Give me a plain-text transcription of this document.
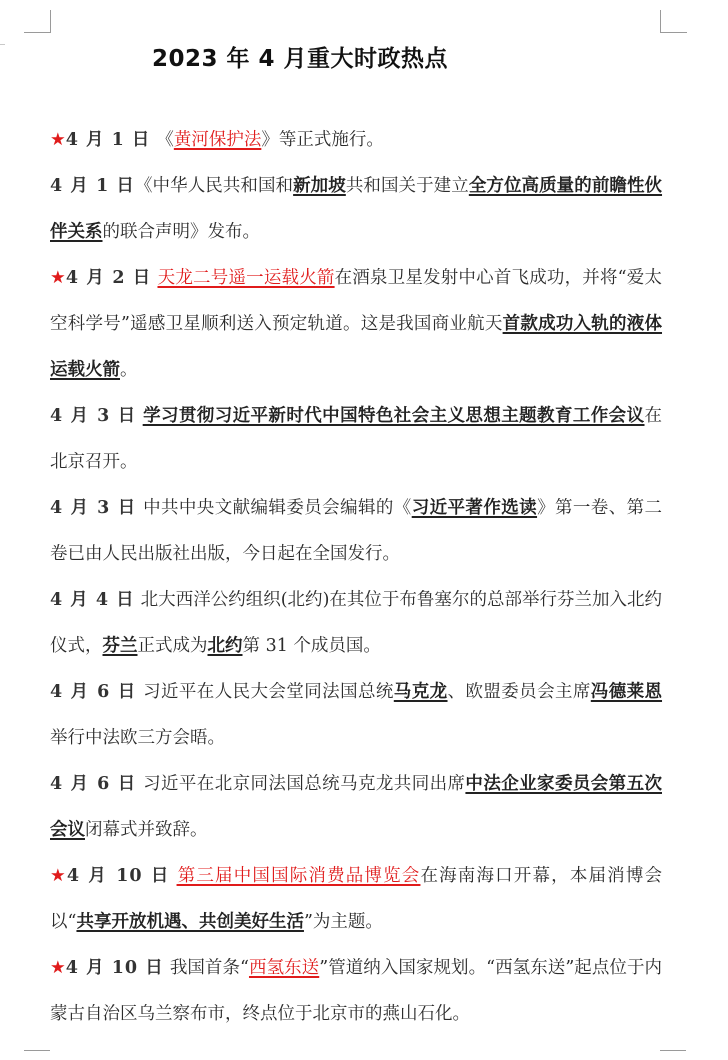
2023 年 4 月重大时政热点

★4 月 1 日 《黄河保护法》等正式施行。

4 月 1 日《中华人民共和国和新加坡共和国关于建立全方位高质量的前瞻性伙伴关系的联合声明》发布。

★4 月 2 日 天龙二号遥一运载火箭在酒泉卫星发射中心首飞成功，并将“爱太空科学号”遥感卫星顺利送入预定轨道。这是我国商业航天首款成功入轨的液体运载火箭。

4 月 3 日 学习贯彻习近平新时代中国特色社会主义思想主题教育工作会议在北京召开。

4 月 3 日 中共中央文献编辑委员会编辑的《习近平著作选读》第一卷、第二卷已由人民出版社出版，今日起在全国发行。

4 月 4 日 北大西洋公约组织(北约)在其位于布鲁塞尔的总部举行芬兰加入北约仪式，芬兰正式成为北约第 31 个成员国。

4 月 6 日 习近平在人民大会堂同法国总统马克龙、欧盟委员会主席冯德莱恩举行中法欧三方会晤。

4 月 6 日 习近平在北京同法国总统马克龙共同出席中法企业家委员会第五次会议闭幕式并致辞。

★4 月 10 日 第三届中国国际消费品博览会在海南海口开幕，本届消博会以“共享开放机遇、共创美好生活”为主题。

★4 月 10 日 我国首条“西氢东送”管道纳入国家规划。“西氢东送”起点位于内蒙古自治区乌兰察布市，终点位于北京市的燕山石化。
